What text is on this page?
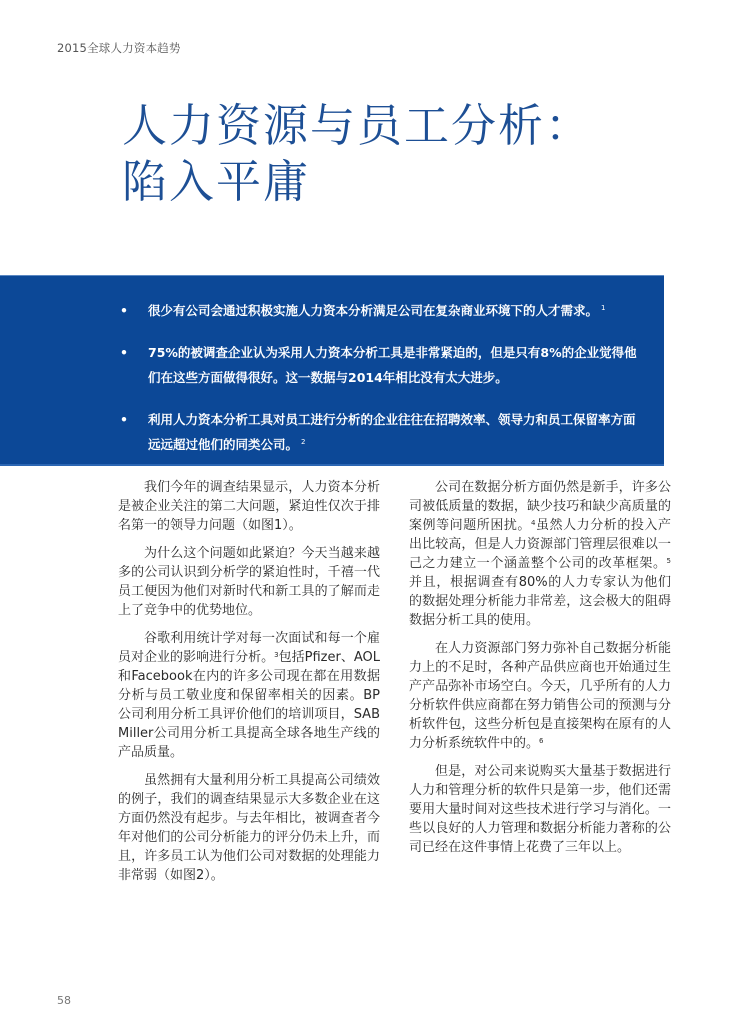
2015全球人力资本趋势
人力资源与员工分析：
陷入平庸
• 很少有公司会通过积极实施人力资本分析满足公司在复杂商业环境下的人才需求。 $^1$
• 75%的被调查企业认为采用人力资本分析工具是非常紧迫的，但是只有8%的企业觉得他们在这些方面做得很好。这一数据与2014年相比没有太大进步。
• 利用人力资本分析工具对员工进行分析的企业往往在招聘效率、领导力和员工保留率方面远远超过他们的同类公司。 $^2$

我们今年的调查结果显示，人力资本分析是被企业关注的第二大问题，紧迫性仅次于排名第一的领导力问题（如图1）。

为什么这个问题如此紧迫？今天当越来越多的公司认识到分析学的紧迫性时，千禧一代员工便因为他们对新时代和新工具的了解而走上了竞争中的优势地位。

谷歌利用统计学对每一次面试和每一个雇员对企业的影响进行分析。$^3$包括Pfizer、AOL和Facebook在内的许多公司现在都在用数据分析与员工敬业度和保留率相关的因素。BP公司利用分析工具评价他们的培训项目，SAB Miller公司用分析工具提高全球各地生产线的产品质量。

虽然拥有大量利用分析工具提高公司绩效的例子，我们的调查结果显示大多数企业在这方面仍然没有起步。与去年相比，被调查者今年对他们的公司分析能力的评分仍未上升，而且，许多员工认为他们公司对数据的处理能力非常弱（如图2）。

公司在数据分析方面仍然是新手，许多公司被低质量的数据，缺少技巧和缺少高质量的案例等问题所困扰。$^4$虽然人力分析的投入产出比较高，但是人力资源部门管理层很难以一己之力建立一个涵盖整个公司的改革框架。$^5$并且，根据调查有80%的人力专家认为他们的数据处理分析能力非常差，这会极大的阻碍数据分析工具的使用。

在人力资源部门努力弥补自己数据分析能力上的不足时，各种产品供应商也开始通过生产产品弥补市场空白。今天，几乎所有的人力分析软件供应商都在努力销售公司的预测与分析软件包，这些分析包是直接架构在原有的人力分析系统软件中的。$^6$

但是，对公司来说购买大量基于数据进行人力和管理分析的软件只是第一步，他们还需要用大量时间对这些技术进行学习与消化。一些以良好的人力管理和数据分析能力著称的公司已经在这件事情上花费了三年以上。

58
